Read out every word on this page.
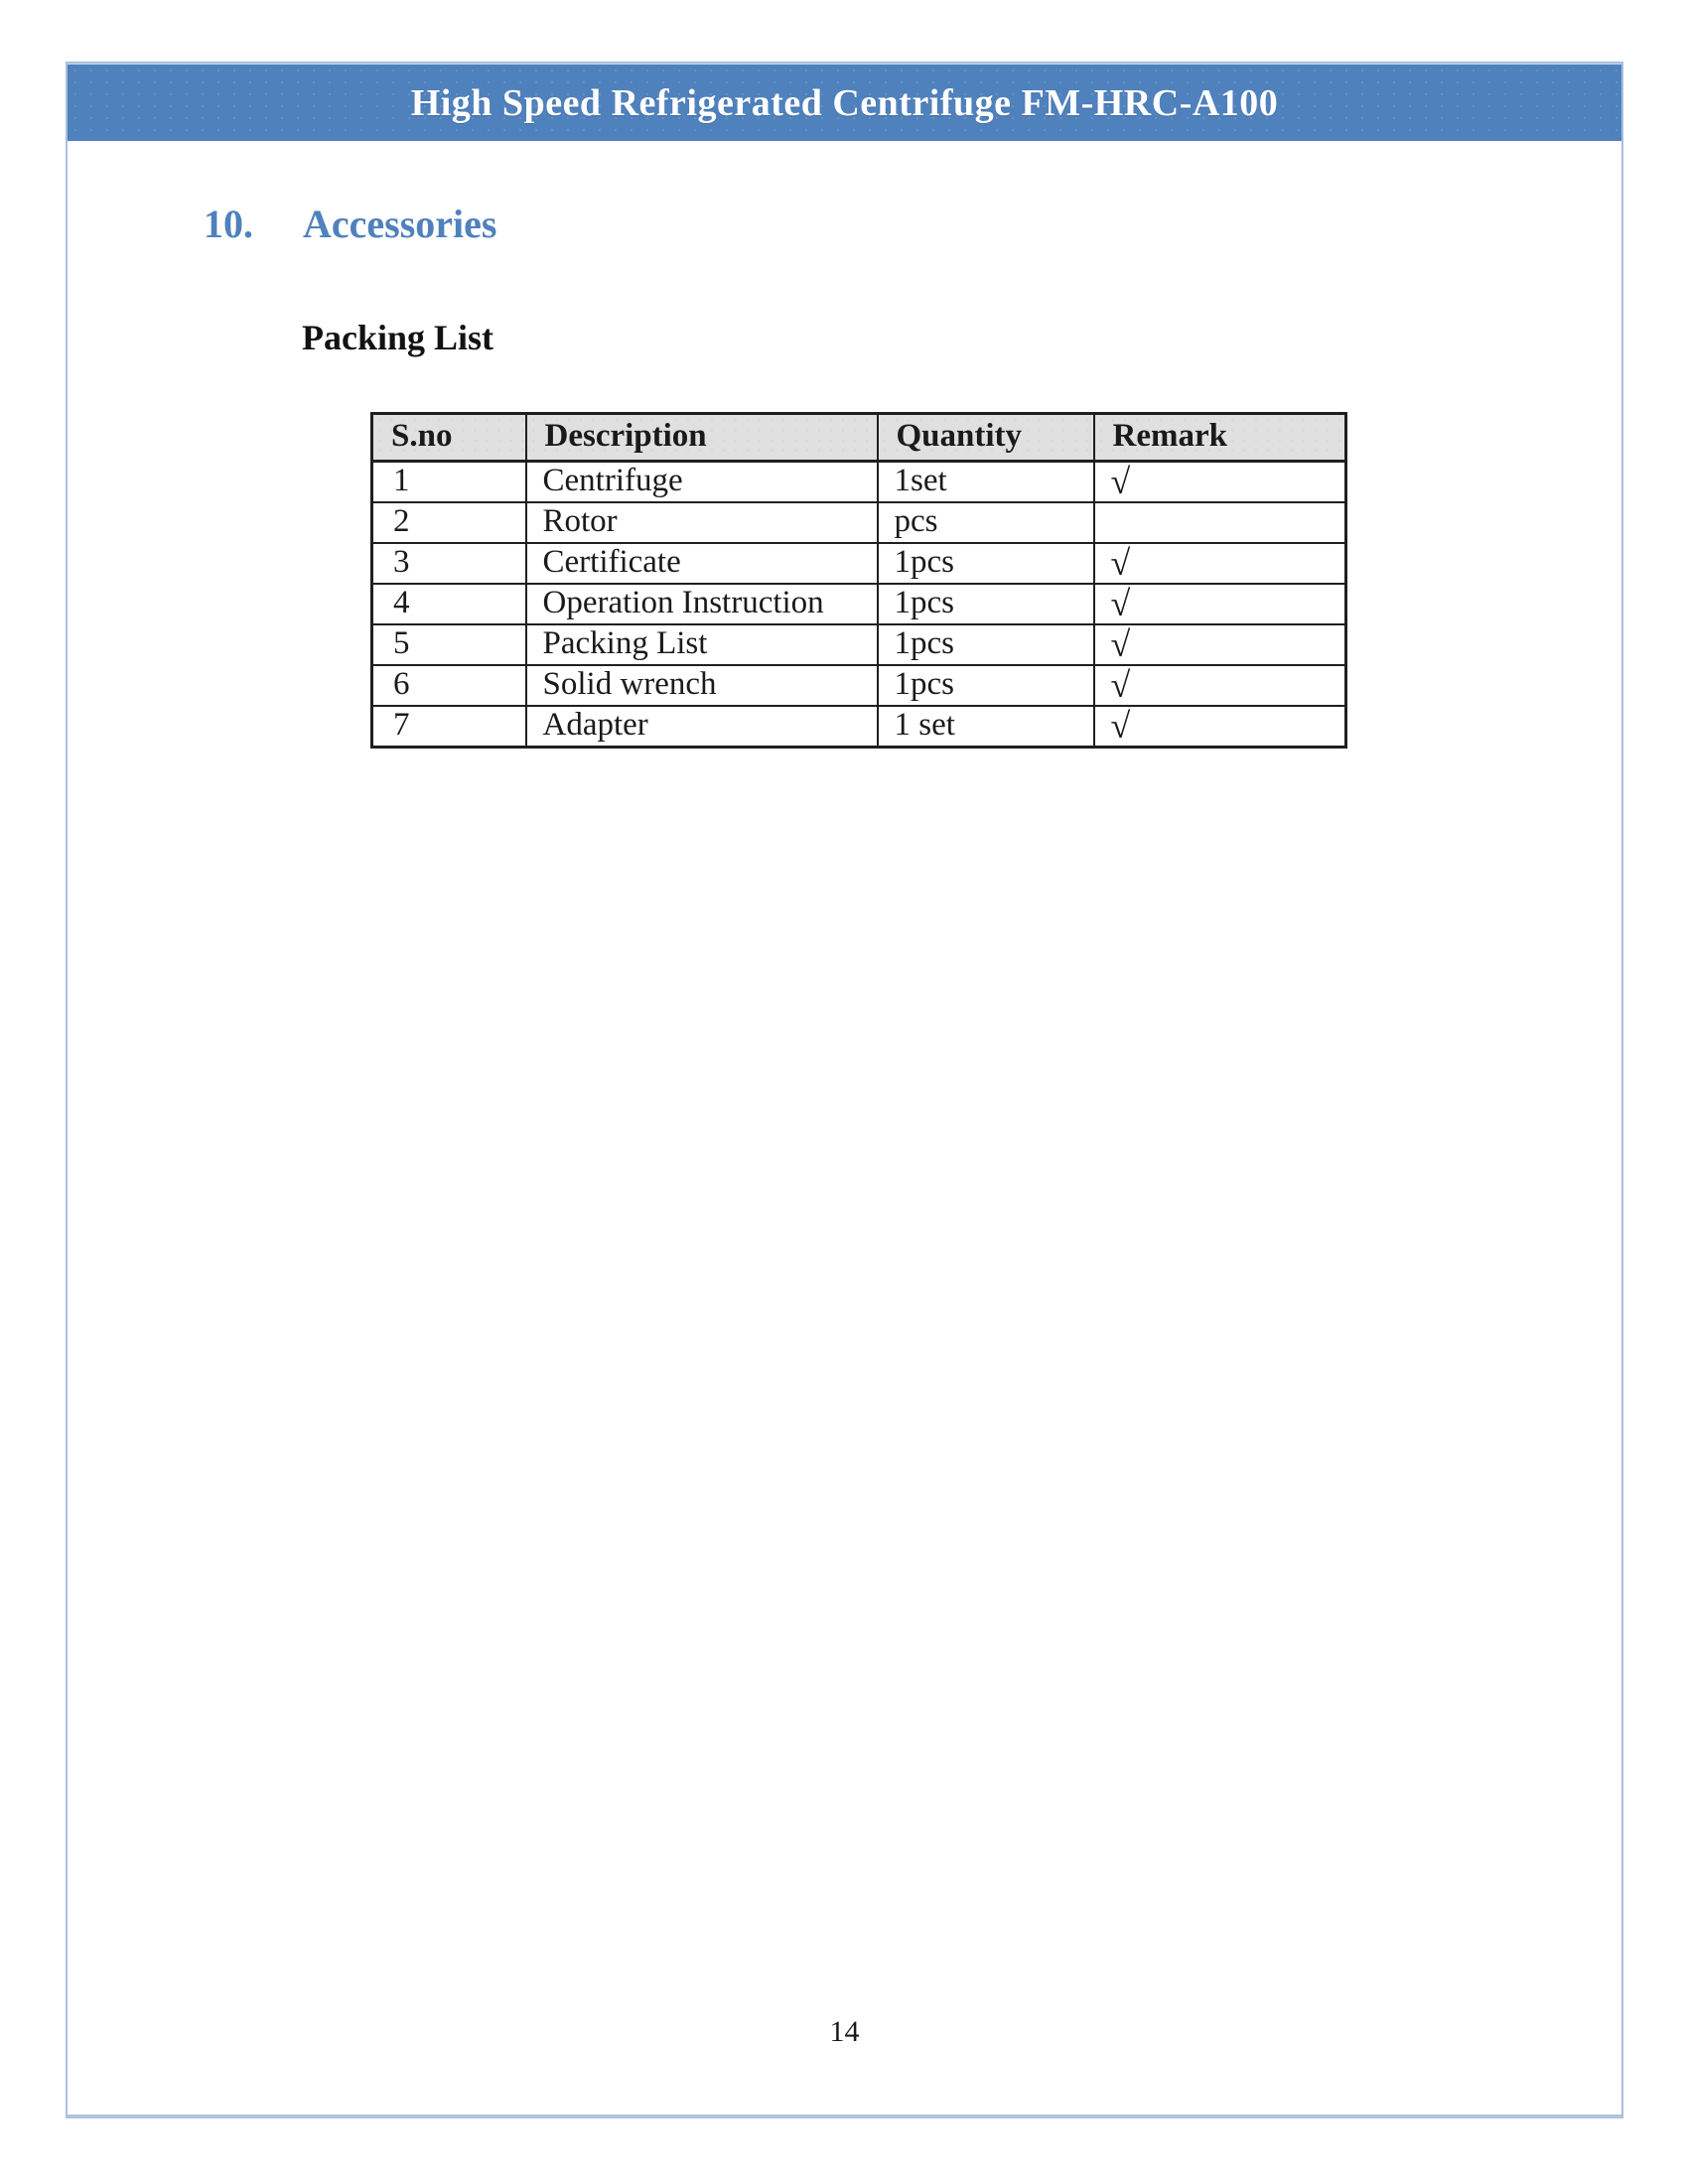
High Speed Refrigerated Centrifuge FM-HRC-A100
10.	Accessories
Packing List
S.no	Description	Quantity	Remark
1	Centrifuge	1set	√
2	Rotor	pcs	
3	Certificate	1pcs	√
4	Operation Instruction	1pcs	√
5	Packing List	1pcs	√
6	Solid wrench	1pcs	√
7	Adapter	1 set	√
14
